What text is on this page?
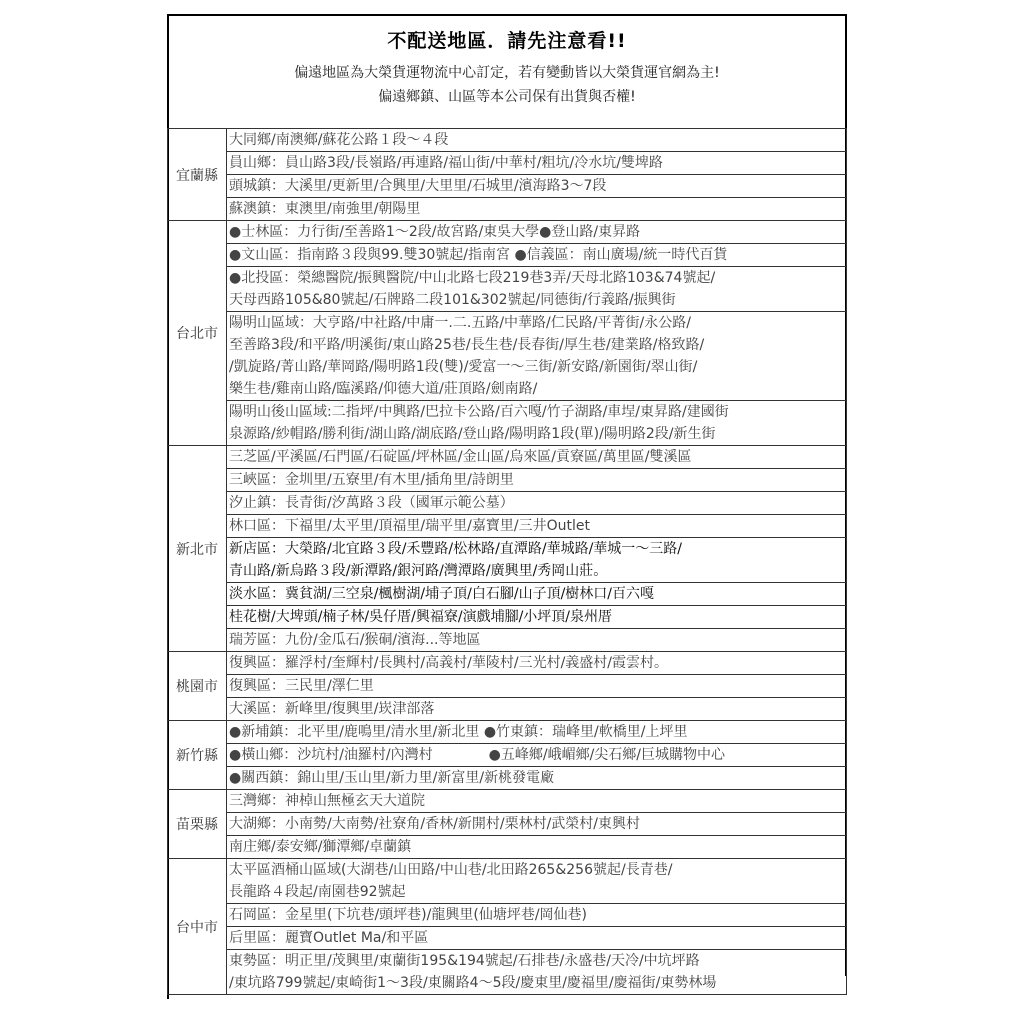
不配送地區．請先注意看!!
偏遠地區為大榮貨運物流中心訂定，若有變動皆以大榮貨運官網為主!
偏遠鄉鎮、山區等本公司保有出貨與否權!
宜蘭縣	大同鄉/南澳鄉/蘇花公路１段～４段

	員山鄉：員山路3段/長嶺路/再連路/福山街/中華村/粗坑/冷水坑/雙埤路

	頭城鎮：大溪里/更新里/合興里/大里里/石城里/濱海路3～7段

	蘇澳鎮：東澳里/南強里/朝陽里

台北市	●士林區：力行街/至善路1～2段/故宮路/東吳大學●登山路/東昇路

	●文山區：指南路３段與99.雙30號起/指南宮 ●信義區：南山廣場/統一時代百貨

	●北投區：榮總醫院/振興醫院/中山北路七段219巷3弄/天母北路103&74號起/
天母西路105&80號起/石牌路二段101&302號起/同德街/行義路/振興街

	陽明山區域：大亨路/中社路/中庸一.二.五路/中華路/仁民路/平菁街/永公路/
至善路3段/和平路/明溪街/東山路25巷/長生巷/長春街/厚生巷/建業路/格致路/
/凱旋路/菁山路/華岡路/陽明路1段(雙)/愛富一～三街/新安路/新園街/翠山街/
樂生巷/雞南山路/臨溪路/仰德大道/莊頂路/劍南路/

	陽明山後山區域:二指坪/中興路/巴拉卡公路/百六嘎/竹子湖路/車埕/東昇路/建國街
泉源路/紗帽路/勝利街/湖山路/湖底路/登山路/陽明路1段(單)/陽明路2段/新生街

新北市	三芝區/平溪區/石門區/石碇區/坪林區/金山區/烏來區/貢寮區/萬里區/雙溪區

	三峽區：金圳里/五寮里/有木里/插角里/詩朗里

	汐止鎮：長青街/汐萬路３段（國軍示範公墓）

	林口區：下福里/太平里/頂福里/瑞平里/嘉寶里/三井Outlet

	新店區：大榮路/北宜路３段/禾豐路/松林路/直潭路/華城路/華城一～三路/
青山路/新烏路３段/新潭路/銀河路/灣潭路/廣興里/秀岡山莊。

	淡水區：冀貧湖/三空泉/楓樹湖/埔子頂/白石腳/山子頂/樹林口/百六嘎

	桂花樹/大埤頭/楠子林/吳仔厝/興福寮/演戲埔腳/小坪頂/泉州厝

	瑞芳區：九份/金瓜石/猴硐/濱海...等地區

桃園市	復興區：羅浮村/奎輝村/長興村/高義村/華陵村/三光村/義盛村/霞雲村。

	復興區：三民里/澤仁里

	大溪區：新峰里/復興里/崁津部落

新竹縣	●新埔鎮：北平里/鹿鳴里/清水里/新北里 ●竹東鎮：瑞峰里/軟橋里/上坪里

	●橫山鄉：沙坑村/油羅村/內灣村　　　　●五峰鄉/峨嵋鄉/尖石鄉/巨城購物中心

	●關西鎮：錦山里/玉山里/新力里/新富里/新桃發電廠

苗栗縣	三灣鄉：神棹山無極玄天大道院

	大湖鄉：小南勢/大南勢/社寮角/香林/新開村/栗林村/武榮村/東興村

	南庄鄉/泰安鄉/獅潭鄉/卓蘭鎮

台中市	太平區酒桶山區域(大湖巷/山田路/中山巷/北田路265&256號起/長青巷/
長龍路４段起/南園巷92號起

	石岡區：金星里(下坑巷/頭坪巷)/龍興里(仙塘坪巷/岡仙巷)

	后里區：麗寶Outlet Ma/和平區

	東勢區：明正里/茂興里/東蘭街195&194號起/石排巷/永盛巷/天冷/中坑坪路
/東坑路799號起/東崎街1～3段/東關路4～5段/慶東里/慶福里/慶福街/東勢林場
